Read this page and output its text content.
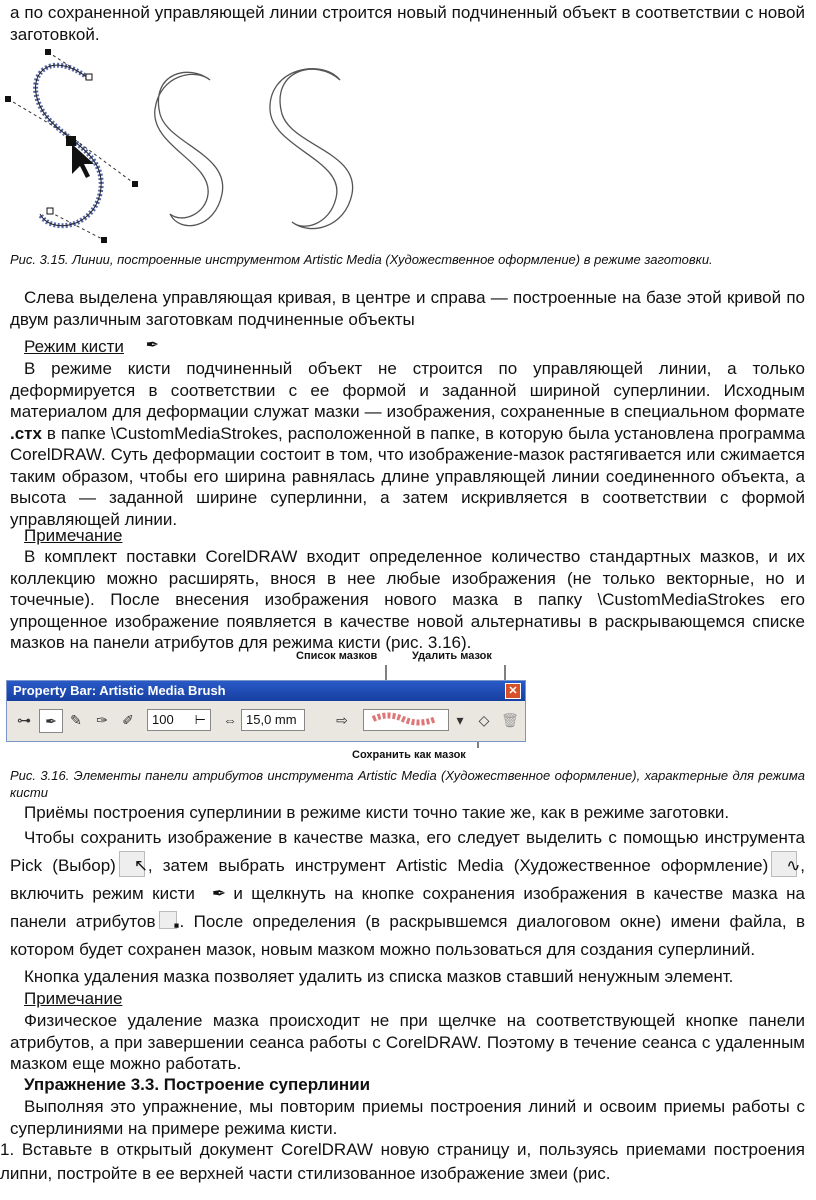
а по сохраненной управляющей линии строится новый подчиненный объект в соответствии с новой заготовкой.
Рис. 3.15. Линии, построенные инструментом Artistic Media (Художественное оформление) в режиме заготовки.
Слева выделена управляющая кривая, в центре и справа — построенные на базе этой кривой по двум различным заготовкам подчиненные объекты
Режим кисти ✒
В режиме кисти подчиненный объект не строится по управляющей линии, а только деформируется в соответствии с ее формой и заданной шириной суперлинии. Исходным материалом для деформации служат мазки — изображения, сохраненные в специальном формате .стх в папке \CustomMediaStrokes, расположенной в папке, в которую была установлена программа CorelDRAW. Суть деформации состоит в том, что изображение-мазок растягивается или сжимается таким образом, чтобы его ширина равнялась длине управляющей линии соединенного объекта, а высота — заданной ширине суперлинни, а затем искривляется в соответствии с формой управляющей линии.
Примечание
В комплект поставки CorelDRAW входит определенное количество стандартных мазков, и их коллекцию можно расширять, внося в нее любые изображения (не только векторные, но и точечные). После внесения изображения нового мазка в папку \CustomMediaStrokes его упрощенное изображение появляется в качестве новой альтернативы в раскрывающемся списке мазков на панели атрибутов для режима кисти (рис. 3.16).
Список мазков	Удалить мазок
Сохранить как мазок
Property Bar: Artistic Media Brush	✕
⊶	✒ ✎	✑	✐	100 ⊢ ⇔ 15,0 mm	⇨	▾	◇ 🗑
Рис. 3.16. Элементы панели атрибутов инструмента Artistic Media (Художественное оформление), характерные для режима кисти
Приёмы построения суперлинии в режиме кисти точно такие же, как в режиме заготовки.
Чтобы сохранить изображение в качестве мазка, его следует выделить с помощью инструмента Pick (Выбор) ↖, затем выбрать инструмент Artistic Media (Художественное оформление) ∿, включить режим кисти ✒ и щелкнуть на кнопке сохранения изображения в качестве мазка на панели атрибутов ▪. После определения (в раскрывшемся диалоговом окне) имени файла, в котором будет сохранен мазок, новым мазком можно пользоваться для создания суперлиний.
Кнопка удаления мазка позволяет удалить из списка мазков ставший ненужным элемент.
Примечание
Физическое удаление мазка происходит не при щелчке на соответствующей кнопке панели атрибутов, а при завершении сеанса работы с CorelDRAW. Поэтому в течение сеанса с удаленным мазком еще можно работать.
Упражнение 3.3. Построение суперлинии
Выполняя это упражнение, мы повторим приемы построения линий и освоим приемы работы с суперлиниями на примере режима кисти.
1. Вставьте в открытый документ CorelDRAW новую страницу и, пользуясь приемами построения липни, постройте в ее верхней части стилизованное изображение змеи (рис.
